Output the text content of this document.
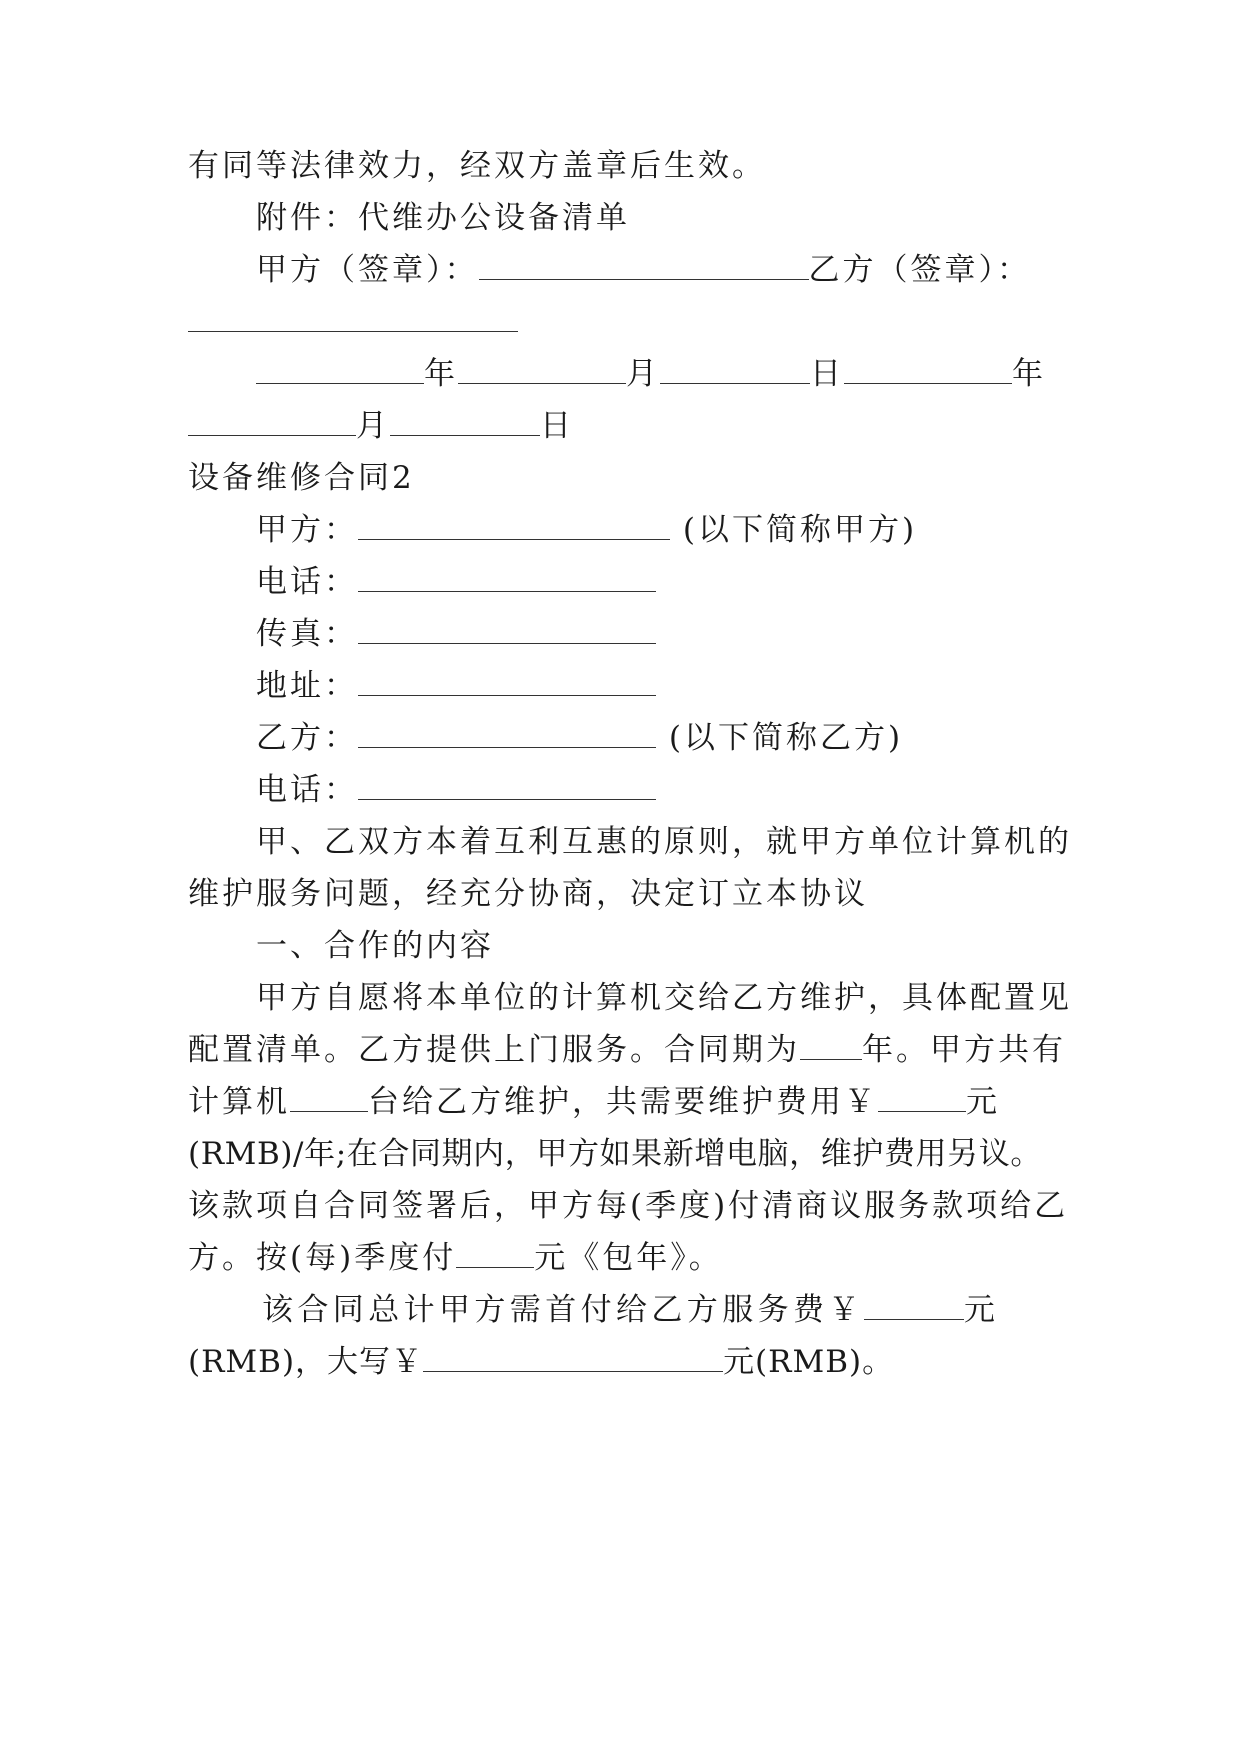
有同等法律效力，经双方盖章后生效。
附件：代维办公设备清单
甲方（签章）：	乙方（签章）：
年	月	日	年
月	日
设备维修合同2
甲方：	(以下简称甲方)
电话：
传真：
地址：
乙方：	(以下简称乙方)
电话：
甲、乙双方本着互利互惠的原则，就甲方单位计算机的
维护服务问题，经充分协商，决定订立本协议
一、合作的内容
甲方自愿将本单位的计算机交给乙方维护，具体配置见
配置清单。乙方提供上门服务。合同期为 年。甲方共有
计算机	台给乙方维护，共需要维护费用￥	元
(RMB)/年;在合同期内，甲方如果新增电脑，维护费用另议。
该款项自合同签署后，甲方每(季度)付清商议服务款项给乙
方。按(每)季度付	元《包年》。
该合同总计甲方需首付给乙方服务费￥	元
(RMB)，大写￥	元(RMB)。
